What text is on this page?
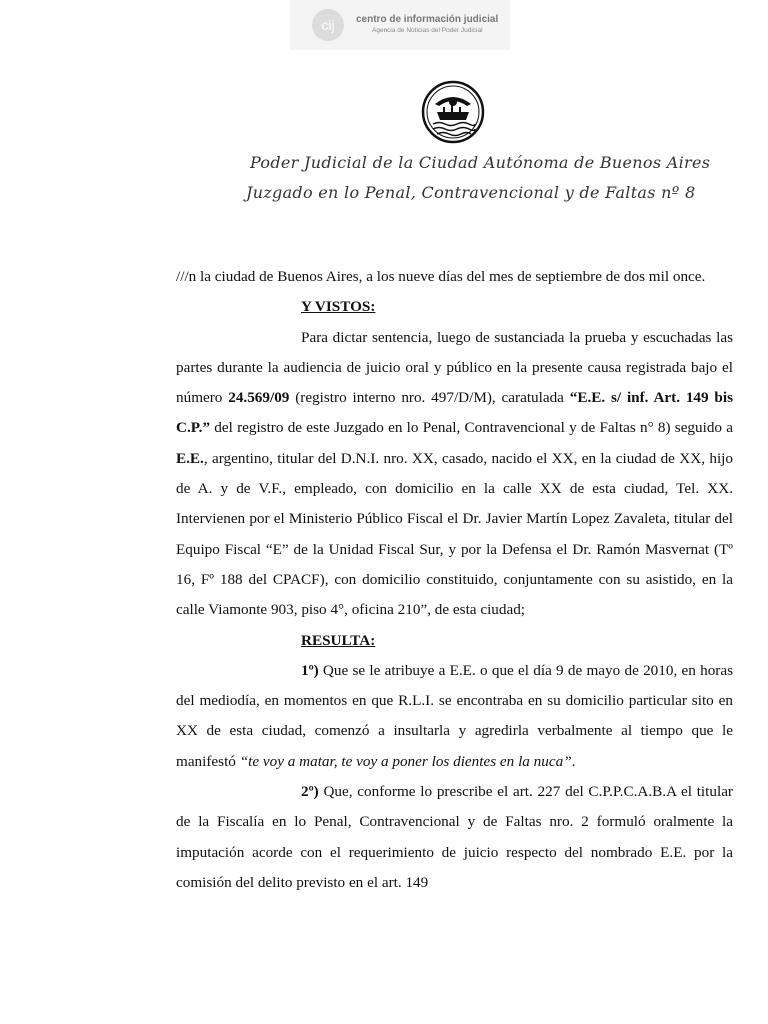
cij	centro de información judicial
Agencia de Noticias del Poder Judicial
Poder Judicial de la Ciudad Autónoma de Buenos Aires
Juzgado en lo Penal, Contravencional y de Faltas nº 8

///n la ciudad de Buenos Aires, a los nueve días del mes de septiembre de dos mil once.

Y VISTOS:

Para dictar sentencia, luego de sustanciada la prueba y escuchadas las partes durante la audiencia de juicio oral y público en la presente causa registrada bajo el número 24.569/09 (registro interno nro. 497/D/M), caratulada “E.E. s/ inf. Art. 149 bis C.P.” del registro de este Juzgado en lo Penal, Contravencional y de Faltas n° 8) seguido a E.E., argentino, titular del D.N.I. nro. XX, casado, nacido el XX, en la ciudad de XX, hijo de A. y de V.F., empleado, con domicilio en la calle XX de esta ciudad, Tel. XX. Intervienen por el Ministerio Público Fiscal el Dr. Javier Martín Lopez Zavaleta, titular del Equipo Fiscal “E” de la Unidad Fiscal Sur, y por la Defensa el Dr. Ramón Masvernat (Tº 16, Fº 188 del CPACF), con domicilio constituido, conjuntamente con su asistido, en la calle Viamonte 903, piso 4°, oficina 210”, de esta ciudad;

RESULTA:

1º) Que se le atribuye a E.E. o que el día 9 de mayo de 2010, en horas del mediodía, en momentos en que R.L.I. se encontraba en su domicilio particular sito en XX de esta ciudad, comenzó a insultarla y agredirla verbalmente al tiempo que le manifestó “te voy a matar, te voy a poner los dientes en la nuca”.

2º) Que, conforme lo prescribe el art. 227 del C.P.P.C.A.B.A el titular de la Fiscalía en lo Penal, Contravencional y de Faltas nro. 2 formuló oralmente la imputación acorde con el requerimiento de juicio respecto del nombrado E.E. por la comisión del delito previsto en el art. 149
